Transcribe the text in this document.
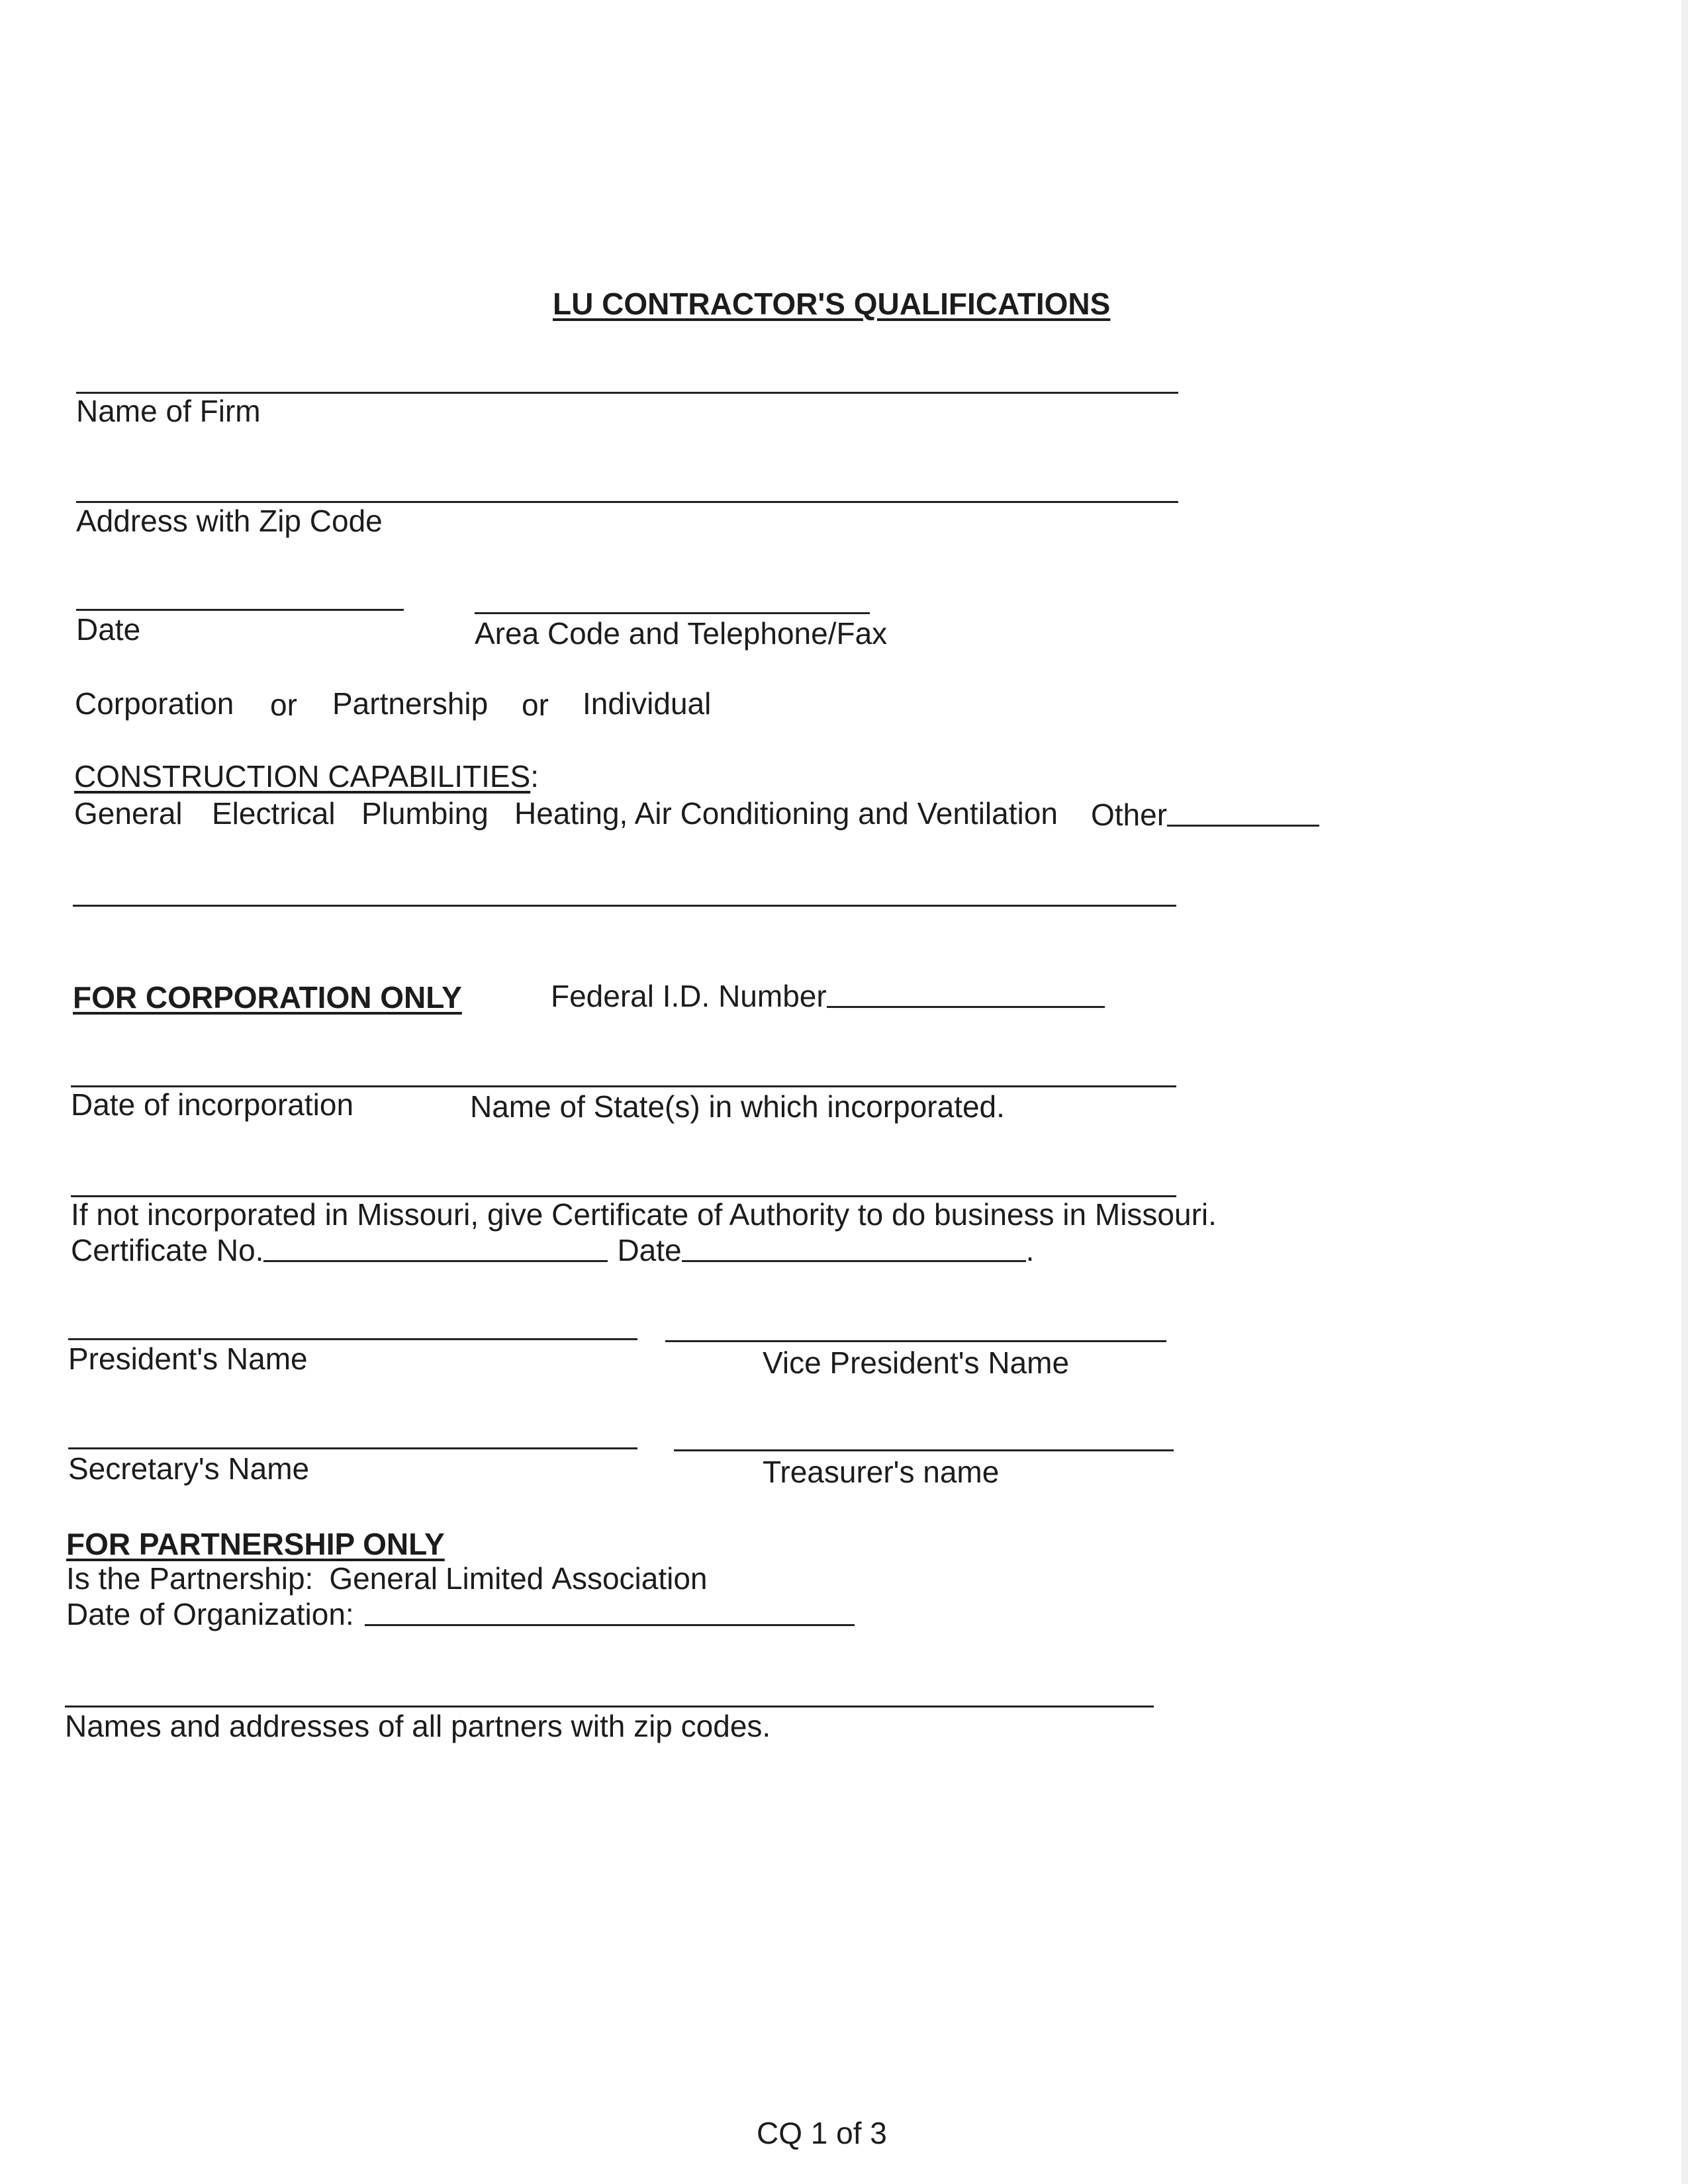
LU CONTRACTOR'S QUALIFICATIONS
Name of Firm
Address with Zip Code
Date	Area Code and Telephone/Fax
Corporation or Partnership or Individual
CONSTRUCTION CAPABILITIES:
General Electrical Plumbing Heating, Air Conditioning and Ventilation Other
FOR CORPORATION ONLY	Federal I.D. Number
Date of incorporation	Name of State(s) in which incorporated.
If not incorporated in Missouri, give Certificate of Authority to do business in Missouri.
Certificate No.	Date	.
President's Name	Vice President's Name
Secretary's Name	Treasurer's name
FOR PARTNERSHIP ONLY
Is the Partnership: General Limited Association
Date of Organization:
Names and addresses of all partners with zip codes.
CQ 1 of 3
